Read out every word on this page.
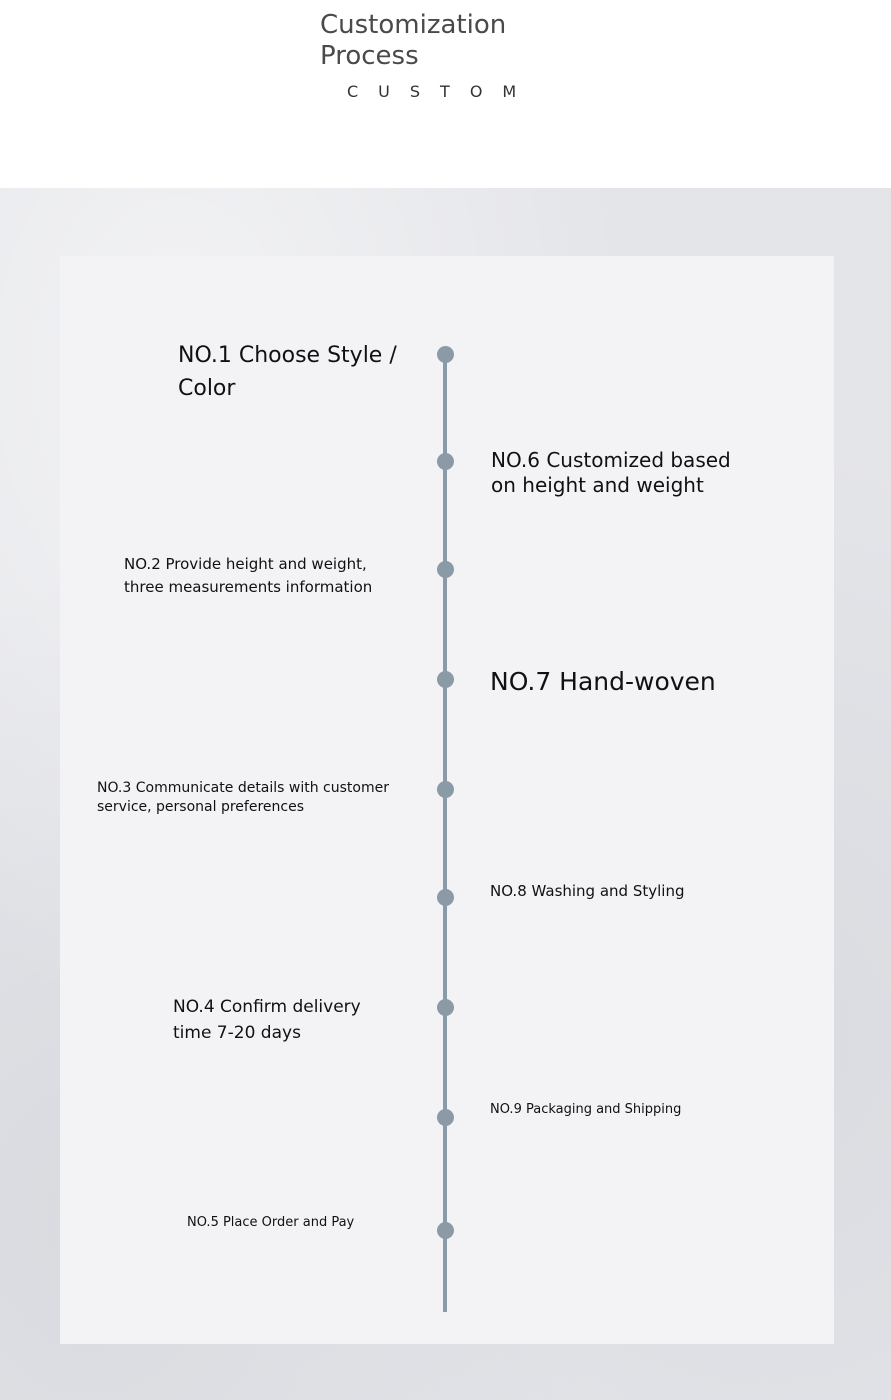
Customization Process
CUSTOM

NO.1 Choose Style / Color

NO.6 Customized based on height and weight

NO.2 Provide height and weight, three measurements information

NO.7 Hand-woven

NO.3 Communicate details with customer service, personal preferences

NO.8 Washing and Styling

NO.4 Confirm delivery time 7-20 days

NO.9 Packaging and Shipping

NO.5 Place Order and Pay
